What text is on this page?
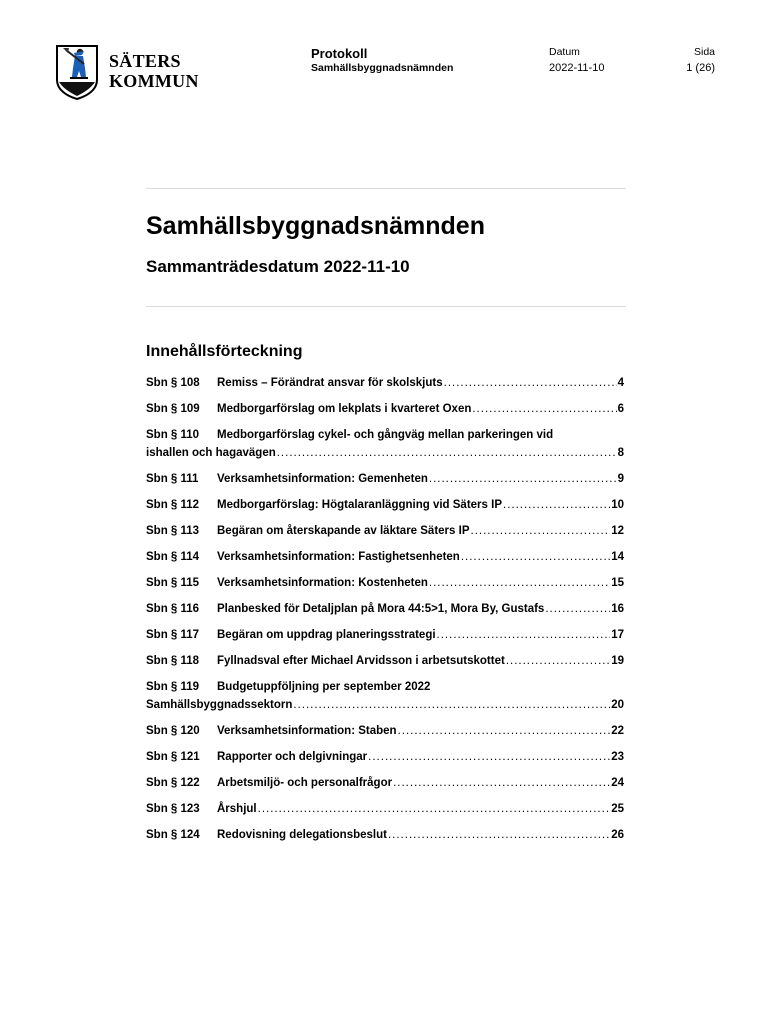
SÄTERS
KOMMUN
Protokoll
Samhällsbyggnadsnämnden
Datum
2022-11-10
Sida
1 (26)
Samhällsbyggnadsnämnden
Sammanträdesdatum 2022-11-10
Innehållsförteckning
Sbn § 108	Remiss – Förändrat ansvar för skolskjuts .....	4
Sbn § 109	Medborgarförslag om lekplats i kvarteret Oxen .....	6
Sbn § 110	Medborgarförslag cykel- och gångväg mellan parkeringen vid
ishallen och hagavägen .....	8
Sbn § 111	Verksamhetsinformation: Gemenheten .....	9
Sbn § 112	Medborgarförslag: Högtalaranläggning vid Säters IP .....	10
Sbn § 113	Begäran om återskapande av läktare Säters IP .....	12
Sbn § 114	Verksamhetsinformation: Fastighetsenheten .....	14
Sbn § 115	Verksamhetsinformation: Kostenheten .....	15
Sbn § 116	Planbesked för Detaljplan på Mora 44:5>1, Mora By, Gustafs .....	16
Sbn § 117	Begäran om uppdrag planeringsstrategi .....	17
Sbn § 118	Fyllnadsval efter Michael Arvidsson i arbetsutskottet .....	19
Sbn § 119	Budgetuppföljning per september 2022
Samhällsbyggnadssektorn .....	20
Sbn § 120	Verksamhetsinformation: Staben .....	22
Sbn § 121	Rapporter och delgivningar .....	23
Sbn § 122	Arbetsmiljö- och personalfrågor .....	24
Sbn § 123	Årshjul .....	25
Sbn § 124	Redovisning delegationsbeslut .....	26
